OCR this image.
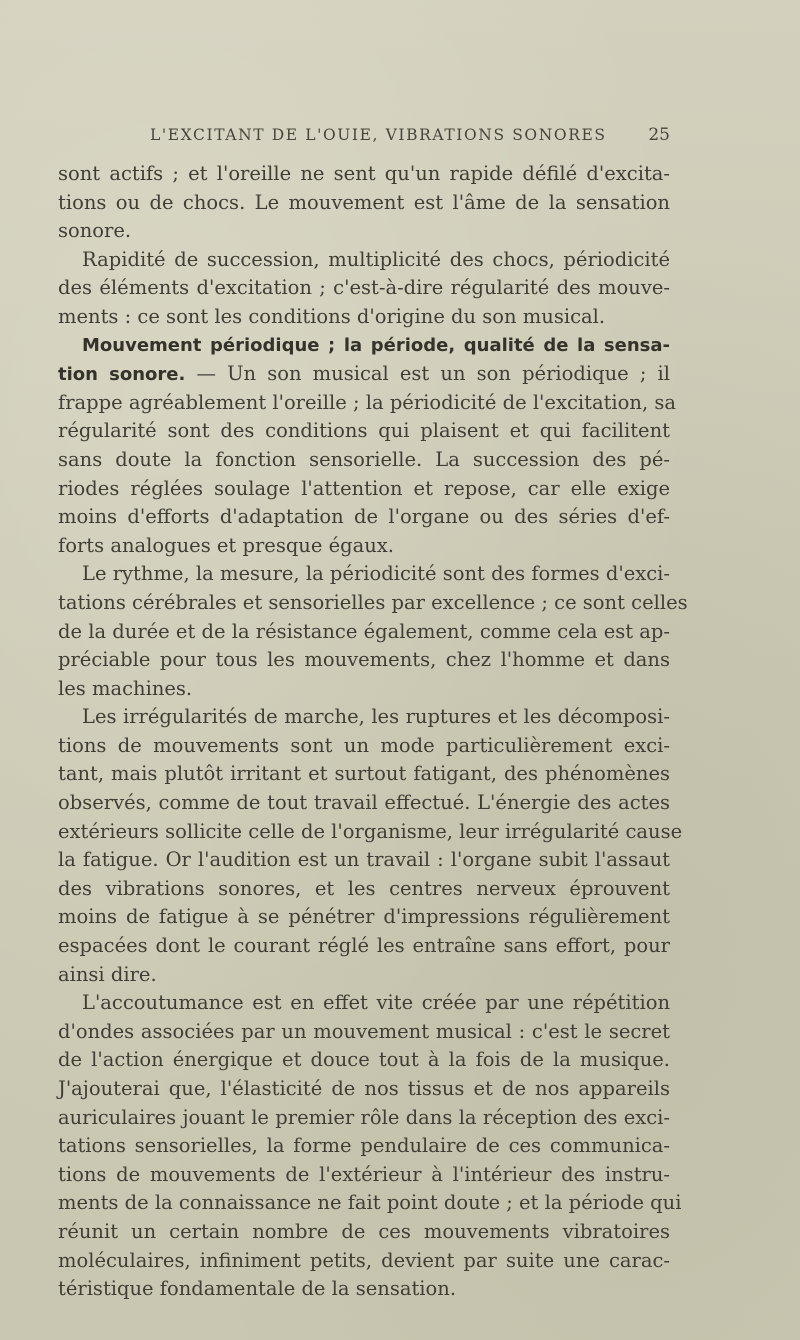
L'EXCITANT DE L'OUIE, VIBRATIONS SONORES 25
sont actifs ; et l'oreille ne sent qu'un rapide défilé d'excita-
tions ou de chocs. Le mouvement est l'âme de la sensation
sonore.
Rapidité de succession, multiplicité des chocs, périodicité
des éléments d'excitation ; c'est-à-dire régularité des mouve-
ments : ce sont les conditions d'origine du son musical.
Mouvement périodique ; la période, qualité de la sensa-
tion sonore. — Un son musical est un son périodique ; il
frappe agréablement l'oreille ; la périodicité de l'excitation, sa
régularité sont des conditions qui plaisent et qui facilitent
sans doute la fonction sensorielle. La succession des pé-
riodes réglées soulage l'attention et repose, car elle exige
moins d'efforts d'adaptation de l'organe ou des séries d'ef-
forts analogues et presque égaux.
Le rythme, la mesure, la périodicité sont des formes d'exci-
tations cérébrales et sensorielles par excellence ; ce sont celles
de la durée et de la résistance également, comme cela est ap-
préciable pour tous les mouvements, chez l'homme et dans
les machines.
Les irrégularités de marche, les ruptures et les décomposi-
tions de mouvements sont un mode particulièrement exci-
tant, mais plutôt irritant et surtout fatigant, des phénomènes
observés, comme de tout travail effectué. L'énergie des actes
extérieurs sollicite celle de l'organisme, leur irrégularité cause
la fatigue. Or l'audition est un travail : l'organe subit l'assaut
des vibrations sonores, et les centres nerveux éprouvent
moins de fatigue à se pénétrer d'impressions régulièrement
espacées dont le courant réglé les entraîne sans effort, pour
ainsi dire.
L'accoutumance est en effet vite créée par une répétition
d'ondes associées par un mouvement musical : c'est le secret
de l'action énergique et douce tout à la fois de la musique.
J'ajouterai que, l'élasticité de nos tissus et de nos appareils
auriculaires jouant le premier rôle dans la réception des exci-
tations sensorielles, la forme pendulaire de ces communica-
tions de mouvements de l'extérieur à l'intérieur des instru-
ments de la connaissance ne fait point doute ; et la période qui
réunit un certain nombre de ces mouvements vibratoires
moléculaires, infiniment petits, devient par suite une carac-
téristique fondamentale de la sensation.
